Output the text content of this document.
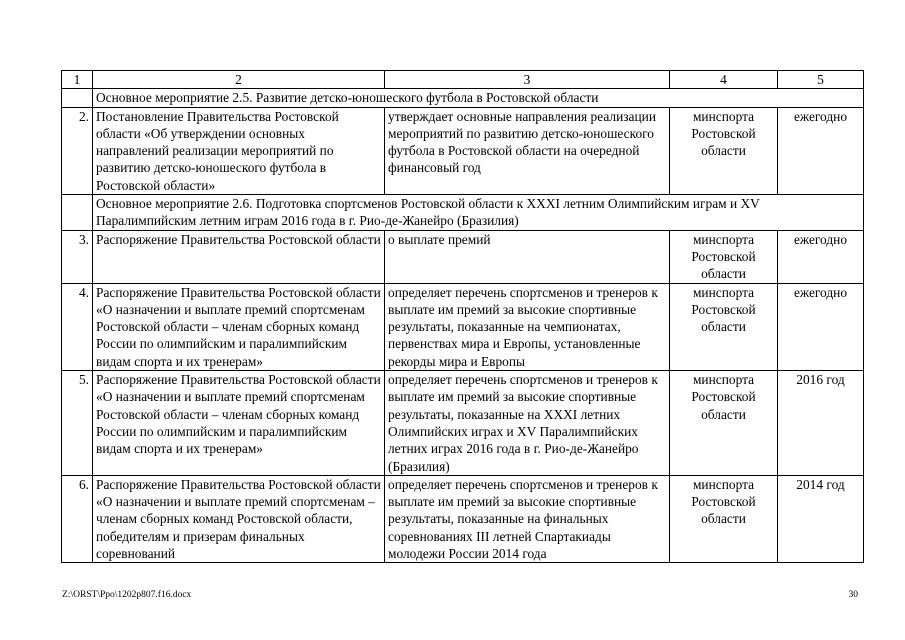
1	2	3	4	5
	Основное мероприятие 2.5. Развитие детско-юношеского футбола в Ростовской области			
2.	Постановление Правительства Ростовской области «Об утверждении основных направлений реализации мероприятий по развитию детско-юношеского футбола в Ростовской области»	утверждает основные направления реализации мероприятий по развитию детско-юношеского футбола в Ростовской области на очередной финансовый год	минспорта Ростовской области	ежегодно
	Основное мероприятие 2.6. Подготовка спортсменов Ростовской области к XXXI летним Олимпийским играм и XV Паралимпийским летним играм 2016 года в г. Рио-де-Жанейро (Бразилия)			
3.	Распоряжение Правительства Ростовской области	о выплате премий	минспорта Ростовской области	ежегодно
4.	Распоряжение Правительства Ростовской области «О назначении и выплате премий спортсменам Ростовской области – членам сборных команд России по олимпийским и паралимпийским видам спорта и их тренерам»	определяет перечень спортсменов и тренеров к выплате им премий за высокие спортивные результаты, показанные на чемпионатах, первенствах мира и Европы, установленные рекорды мира и Европы	минспорта Ростовской области	ежегодно
5.	Распоряжение Правительства Ростовской области «О назначении и выплате премий спортсменам Ростовской области – членам сборных команд России по олимпийским и паралимпийским видам спорта и их тренерам»	определяет перечень спортсменов и тренеров к выплате им премий за высокие спортивные результаты, показанные на XXXI летних Олимпийских играх и XV Паралимпийских летних играх 2016 года в г. Рио-де-Жанейро (Бразилия)	минспорта Ростовской области	2016 год
6.	Распоряжение Правительства Ростовской области «О назначении и выплате премий спортсменам – членам сборных команд Ростовской области, победителям и призерам финальных соревнований	определяет перечень спортсменов и тренеров к выплате им премий за высокие спортивные результаты, показанные на финальных соревнованиях III летней Спартакиады молодежи России 2014 года	минспорта Ростовской области	2014 год
Z:\ORST\Ppo\1202p807.f16.docx	30
